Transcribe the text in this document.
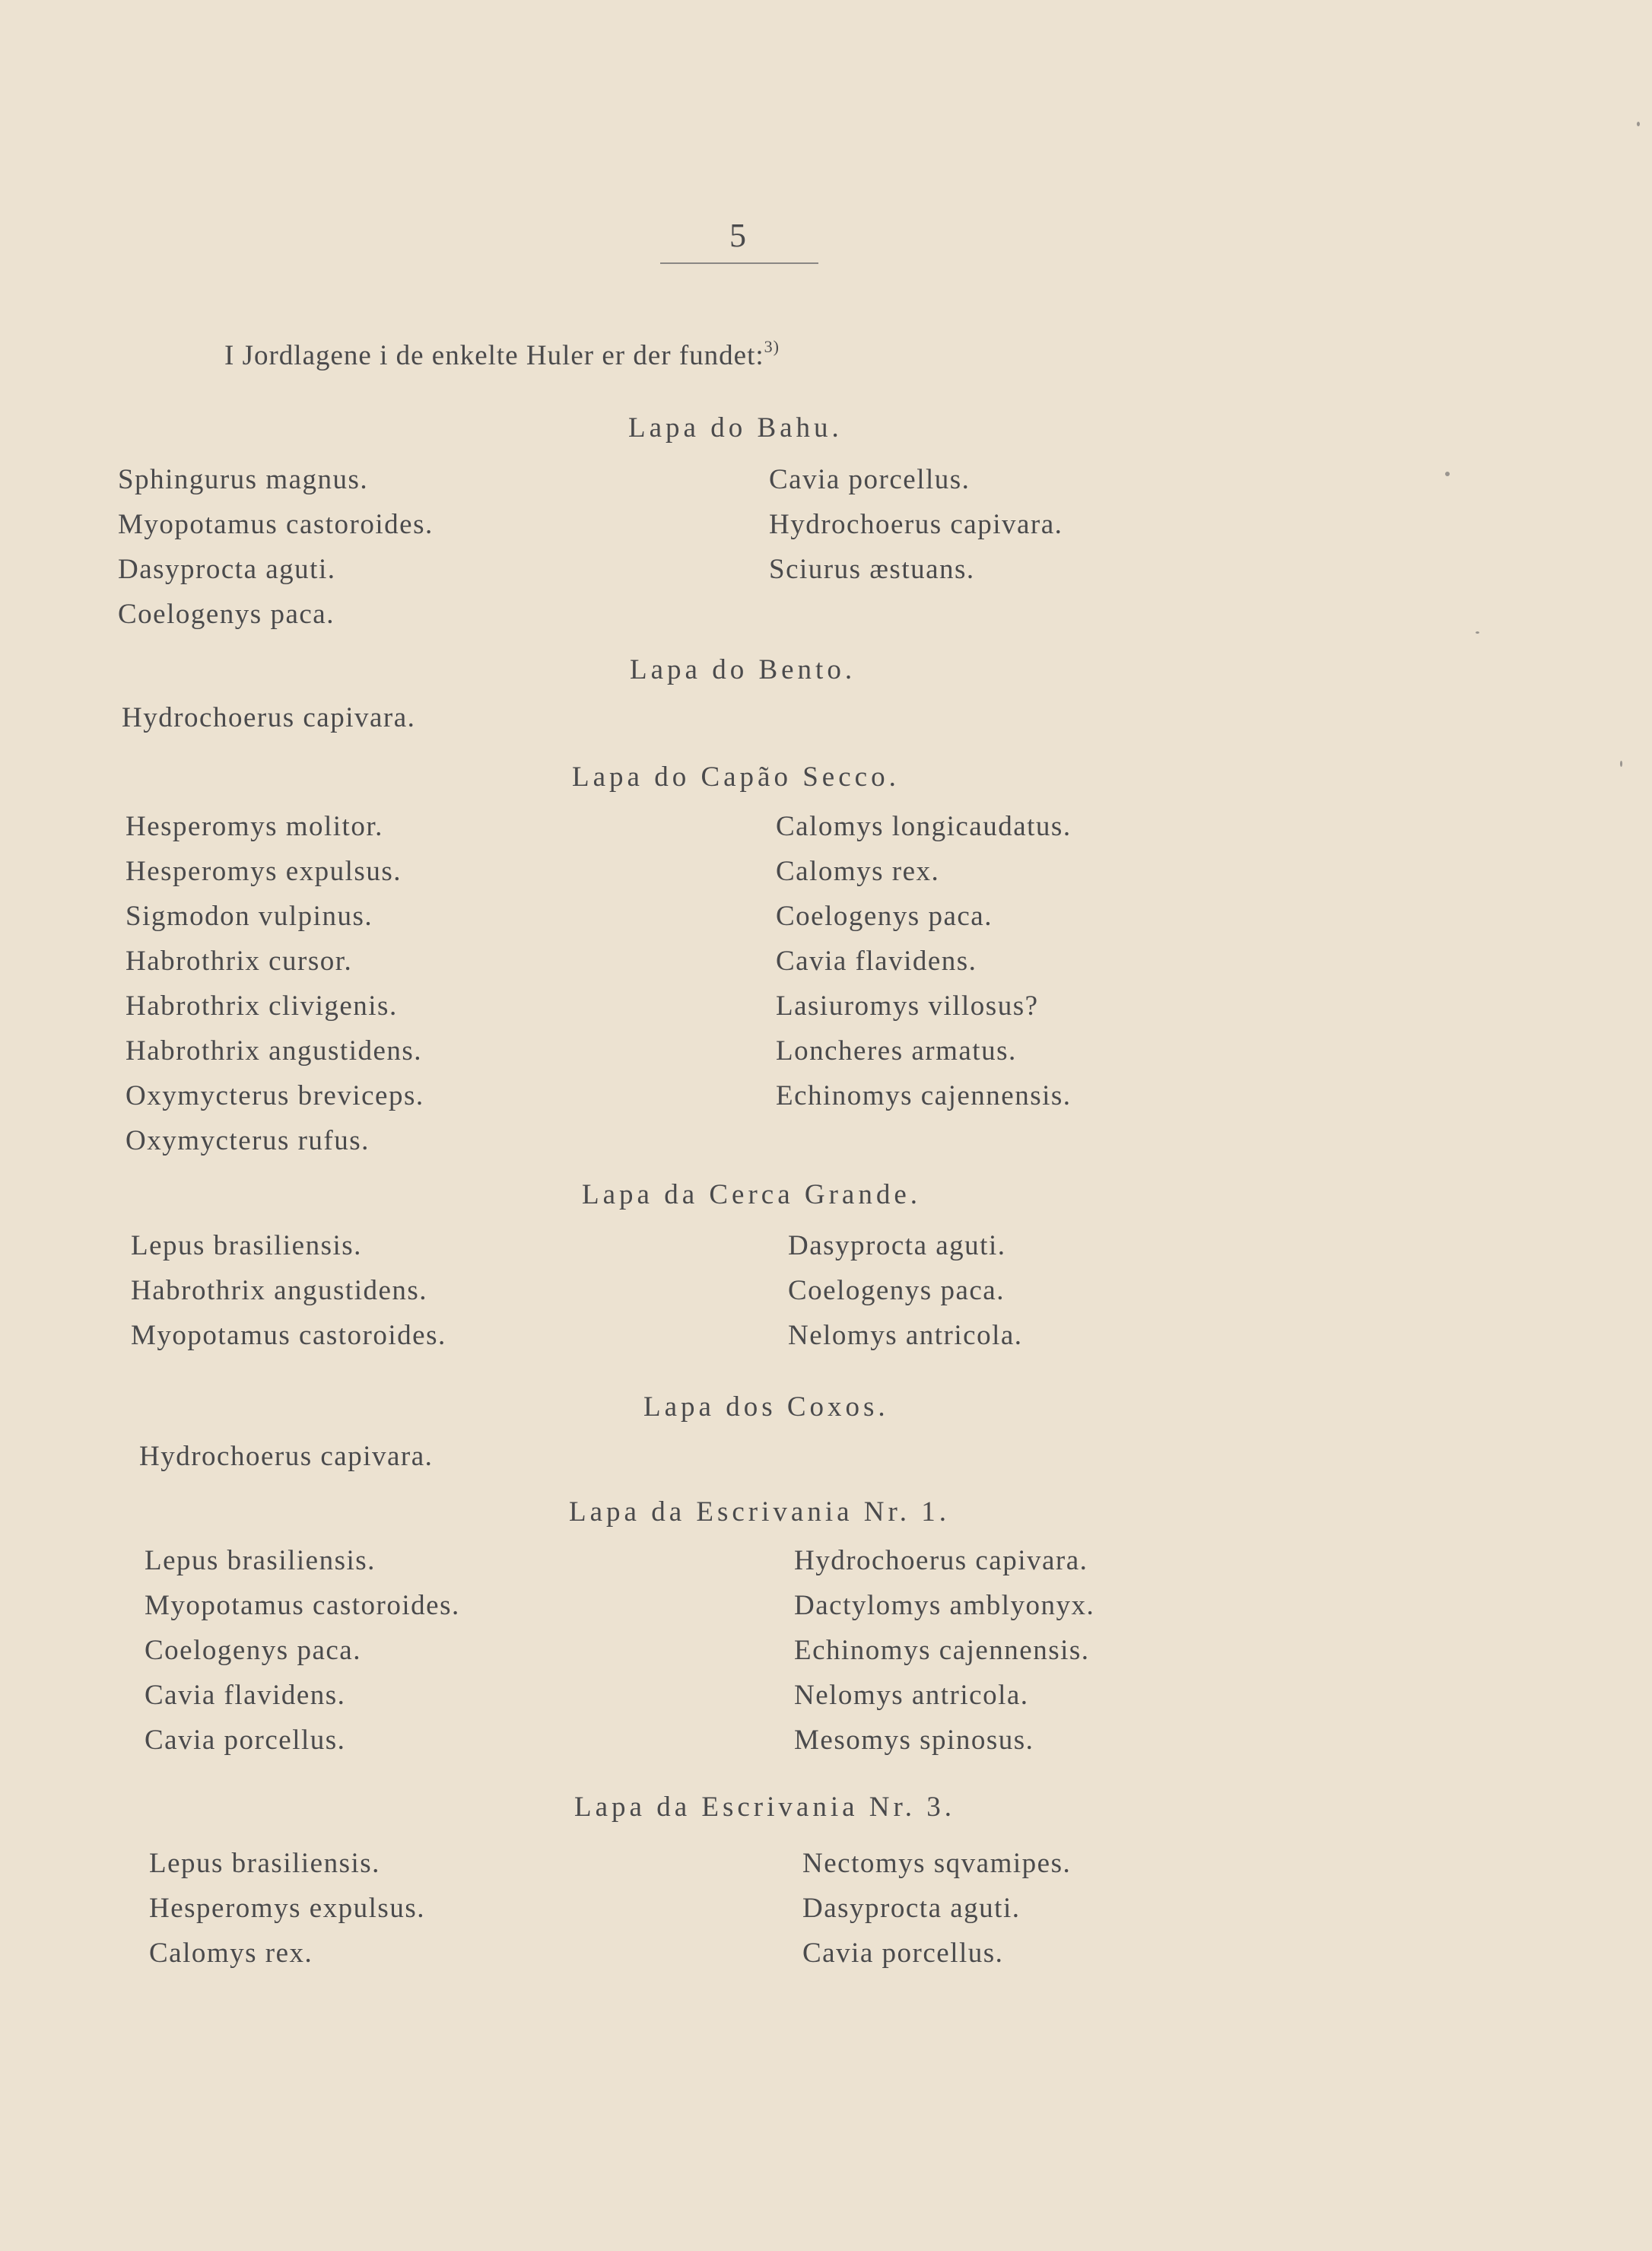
5
I Jordlagene i de enkelte Huler er der fundet:$^{3)}$
Lapa do Bahu.
Sphingurus magnus.
Myopotamus castoroides.
Dasyprocta aguti.
Coelogenys paca.
Cavia porcellus.
Hydrochoerus capivara.
Sciurus æstuans.
Lapa do Bento.
Hydrochoerus capivara.
Lapa do Capão Secco.
Hesperomys molitor.
Hesperomys expulsus.
Sigmodon vulpinus.
Habrothrix cursor.
Habrothrix clivigenis.
Habrothrix angustidens.
Oxymycterus breviceps.
Oxymycterus rufus.
Calomys longicaudatus.
Calomys rex.
Coelogenys paca.
Cavia flavidens.
Lasiuromys villosus?
Loncheres armatus.
Echinomys cajennensis.
Lapa da Cerca Grande.
Lepus brasiliensis.
Habrothrix angustidens.
Myopotamus castoroides.
Dasyprocta aguti.
Coelogenys paca.
Nelomys antricola.
Lapa dos Coxos.
Hydrochoerus capivara.
Lapa da Escrivania Nr. 1.
Lepus brasiliensis.
Myopotamus castoroides.
Coelogenys paca.
Cavia flavidens.
Cavia porcellus.
Hydrochoerus capivara.
Dactylomys amblyonyx.
Echinomys cajennensis.
Nelomys antricola.
Mesomys spinosus.
Lapa da Escrivania Nr. 3.
Lepus brasiliensis.
Hesperomys expulsus.
Calomys rex.
Nectomys sqvamipes.
Dasyprocta aguti.
Cavia porcellus.
